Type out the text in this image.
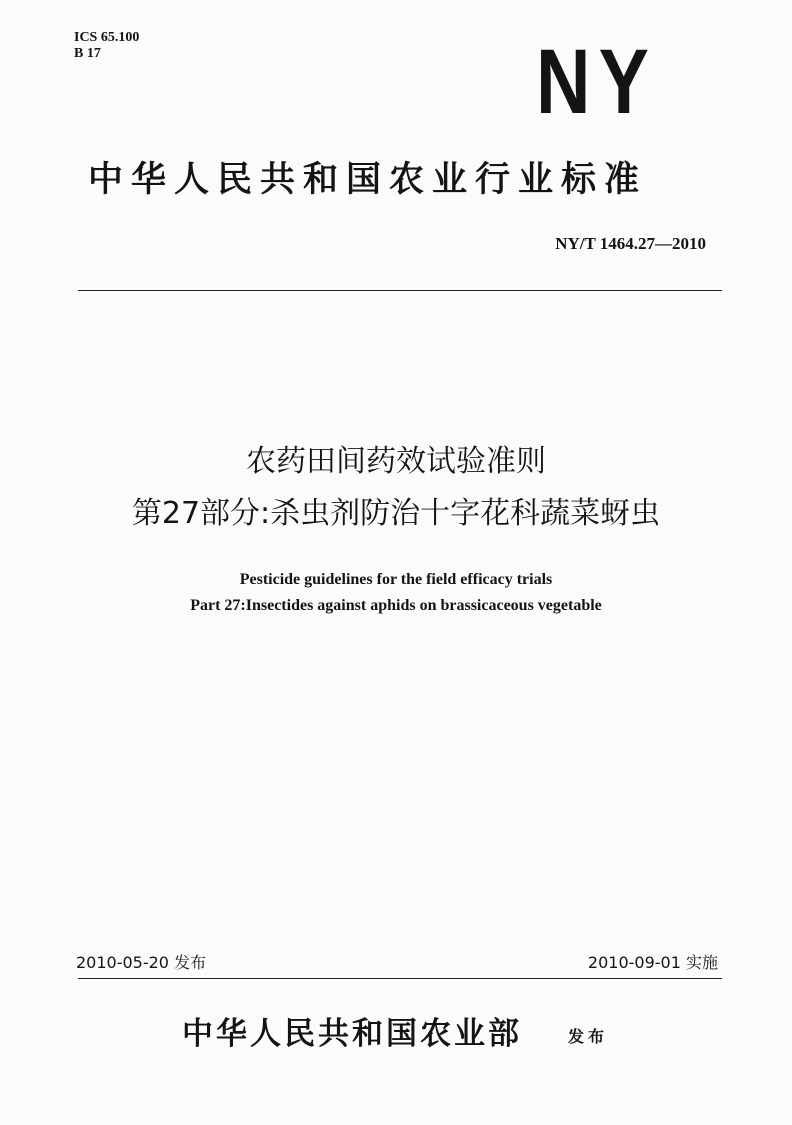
ICS 65.100
B 17	NY
中华人民共和国农业行业标准
NY/T 1464.27—2010
农药田间药效试验准则
第27部分:杀虫剂防治十字花科蔬菜蚜虫
Pesticide guidelines for the field efficacy trials
Part 27:Insectides against aphids on brassicaceous vegetable
2010-05-20 发布	2010-09-01 实施
中华人民共和国农业部	发布
